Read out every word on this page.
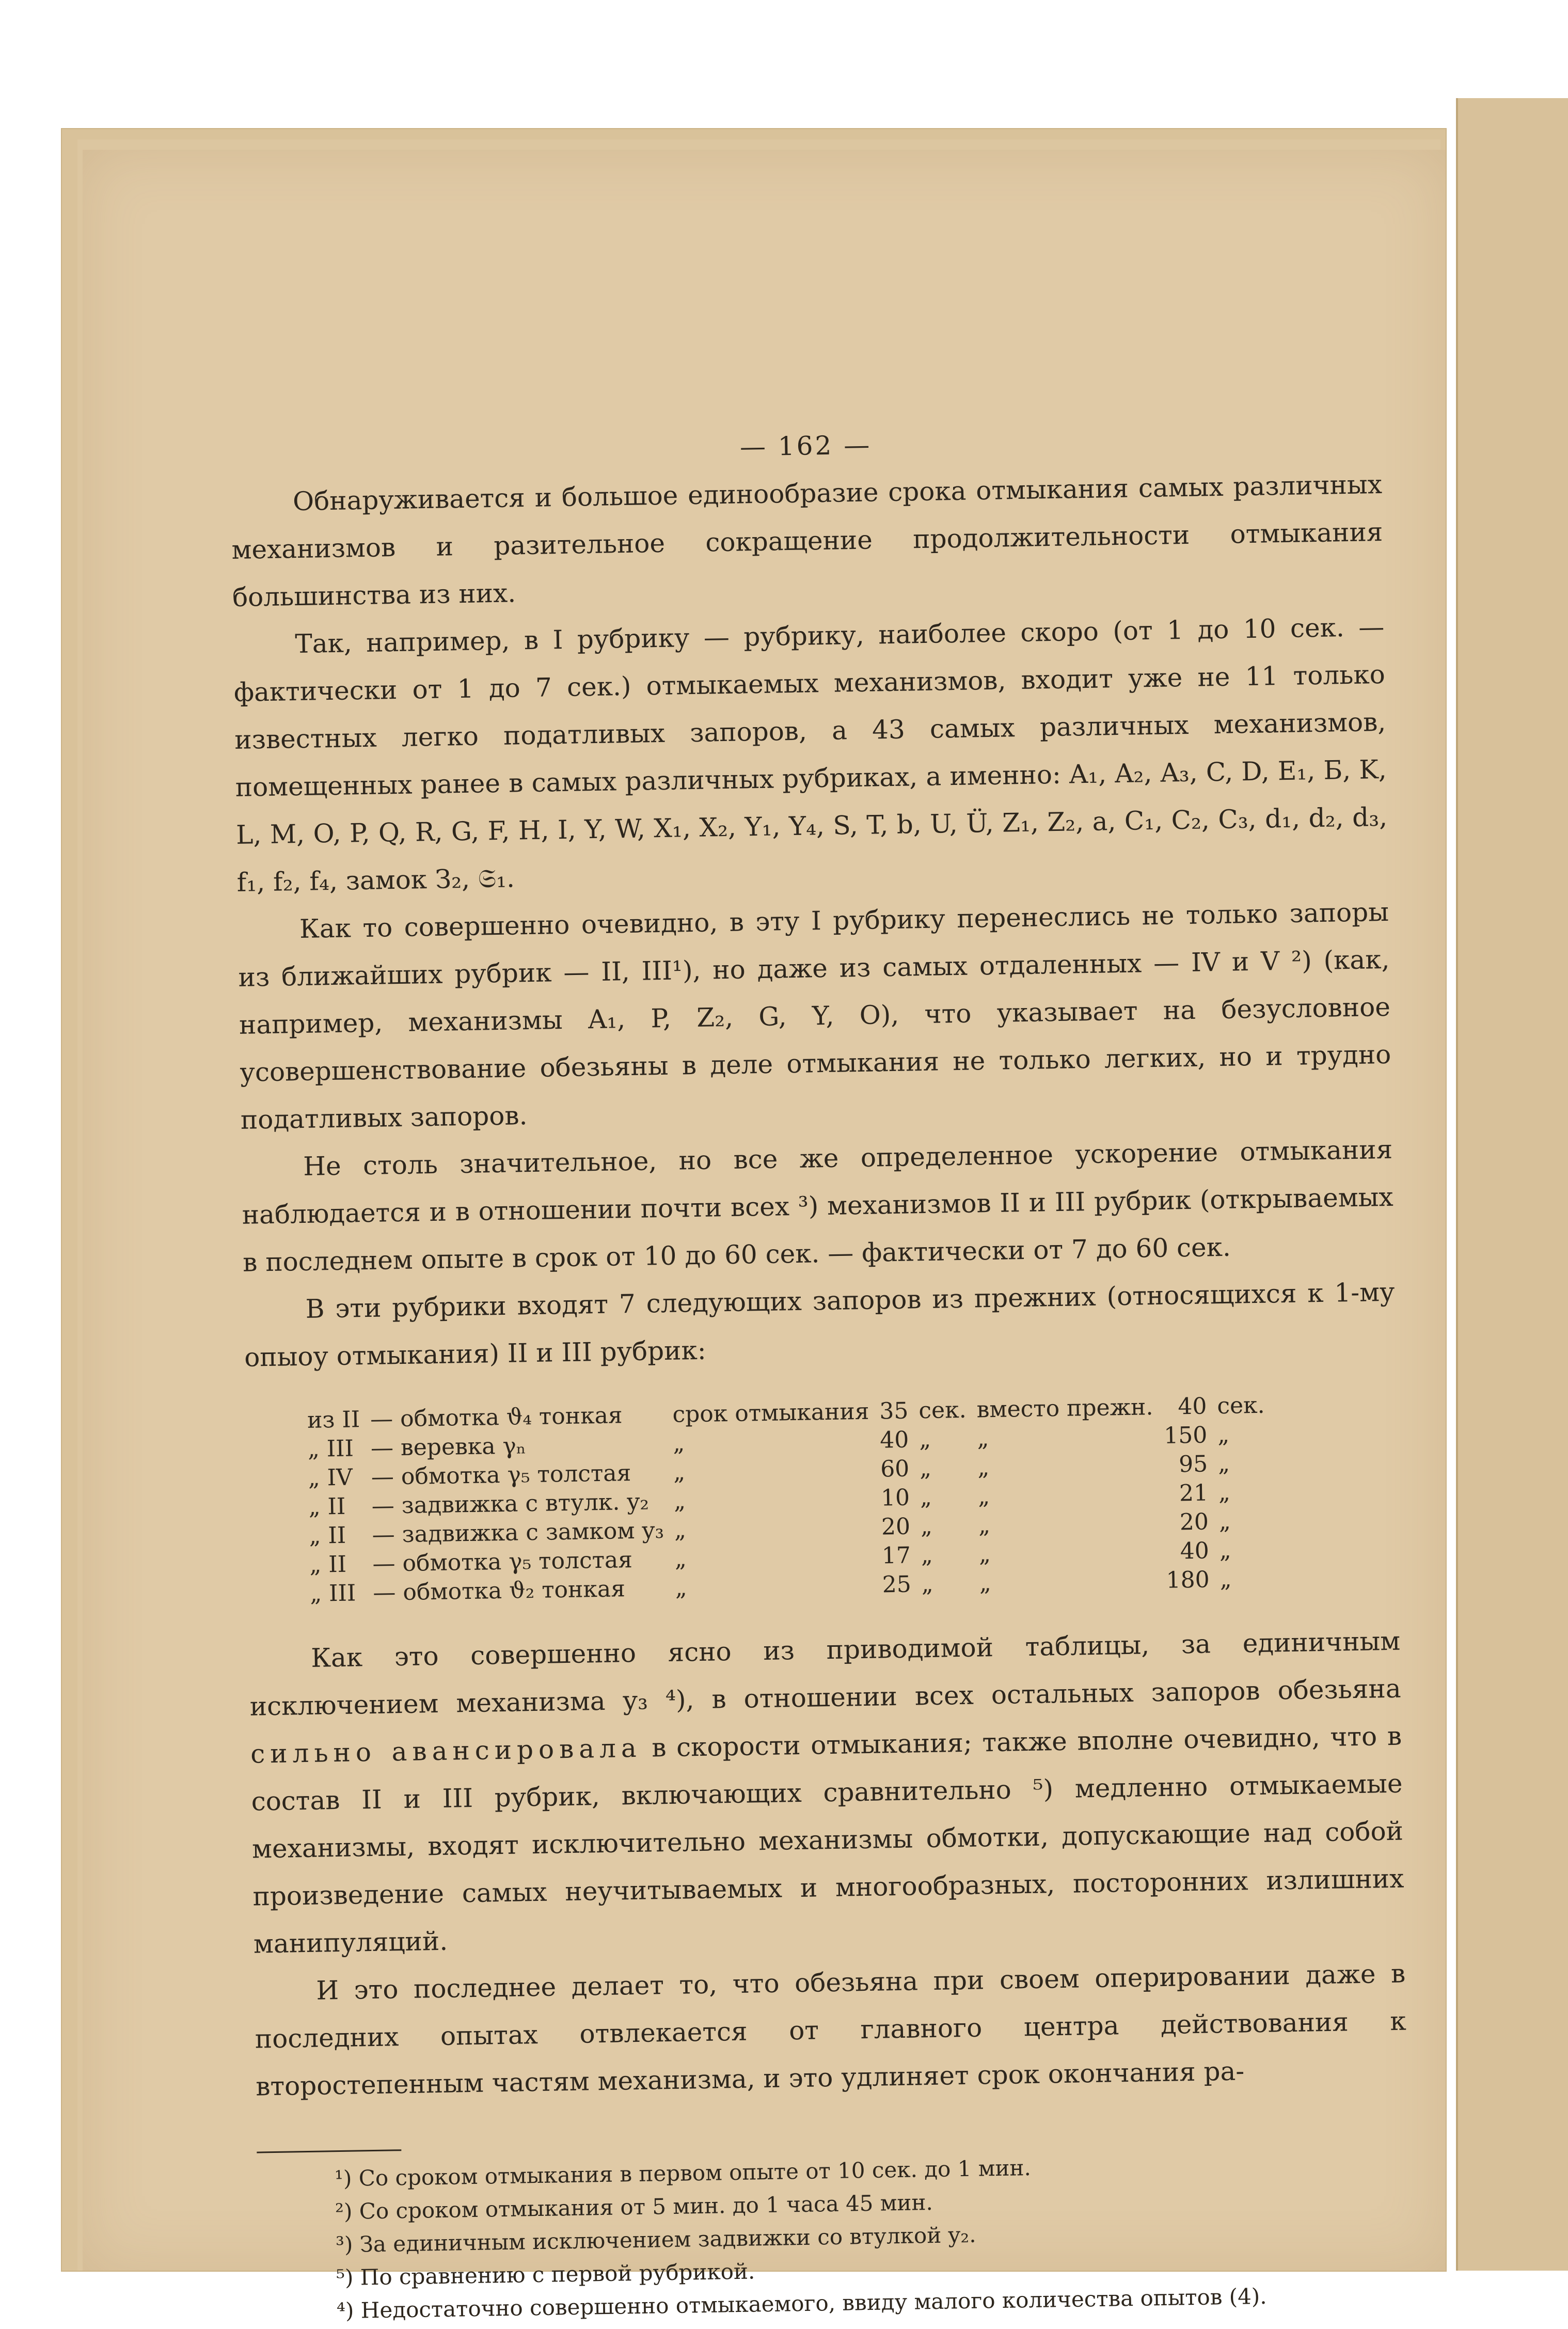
— 162 —

Обнаруживается и большое единообразие срока отмыкания самых различных механизмов и разительное сокращение продолжительности отмыкания большинства из них.

Так, например, в I рубрику — рубрику, наиболее скоро (от 1 до 10 сек. — фактически от 1 до 7 сек.) отмыкаемых механизмов, входит уже не 11 только известных легко податливых запоров, а 43 самых различных механизмов, помещенных ранее в самых различных рубриках, а именно: A₁, A₂, A₃, C, D, E₁, Б, K, L, M, O, P, Q, R, G, F, H, I, Y, W, X₁, X₂, Y₁, Y₄, S, T, b, U, Ü, Z₁, Z₂, a, C₁, C₂, C₃, d₁, d₂, d₃, f₁, f₂, f₄, замок З₂, 𝔖₁.

Как то совершенно очевидно, в эту I рубрику перенеслись не только запоры из ближайших рубрик — II, III¹), но даже из самых отдаленных — IV и V ²) (как, например, механизмы A₁, P, Z₂, G, Y, O), что указывает на безусловное усовершенствование обезьяны в деле отмыкания не только легких, но и трудно податливых запоров.

Не столь значительное, но все же определенное ускорение отмыкания наблюдается и в отношении почти всех ³) механизмов II и III рубрик (открываемых в последнем опыте в срок от 10 до 60 сек. — фактически от 7 до 60 сек.

В эти рубрики входят 7 следующих запоров из прежних (относящихся к 1-му опыоу отмыкания) II и III рубрик:

из II	— обмотка ϑ₄ тонкая	срок отмыкания	35	сек.	вместо прежн.	40	сек.
„ III	— веревка γₙ	„	40	„	„	150	„
„ IV	— обмотка γ₅ толстая	„	60	„	„	95	„
„ II	— задвижка с втулк. y₂	„	10	„	„	21	„
„ II	— задвижка с замком y₃	„	20	„	„	20	„
„ II	— обмотка γ₅ толстая	„	17	„	„	40	„
„ III	— обмотка ϑ₂ тонкая	„	25	„	„	180	„

Как это совершенно ясно из приводимой таблицы, за единичным исключением механизма y₃ ⁴), в отношении всех остальных запоров обезьяна сильно авансировала в скорости отмыкания; также вполне очевидно, что в состав II и III рубрик, включающих сравнительно ⁵) медленно отмыкаемые механизмы, входят исключительно механизмы обмотки, допускающие над собой произведение самых неучитываемых и многообразных, посторонних излишних манипуляций.

И это последнее делает то, что обезьяна при своем оперировании даже в последних опытах отвлекается от главного центра действования к второстепенным частям механизма, и это удлиняет срок окончания ра-

¹) Со сроком отмыкания в первом опыте от 10 сек. до 1 мин.

²) Со сроком отмыкания от 5 мин. до 1 часа 45 мин.

³) За единичным исключением задвижки со втулкой y₂.

⁵) По сравнению с первой рубрикой.

⁴) Недостаточно совершенно отмыкаемого, ввиду малого количества опытов (4).
